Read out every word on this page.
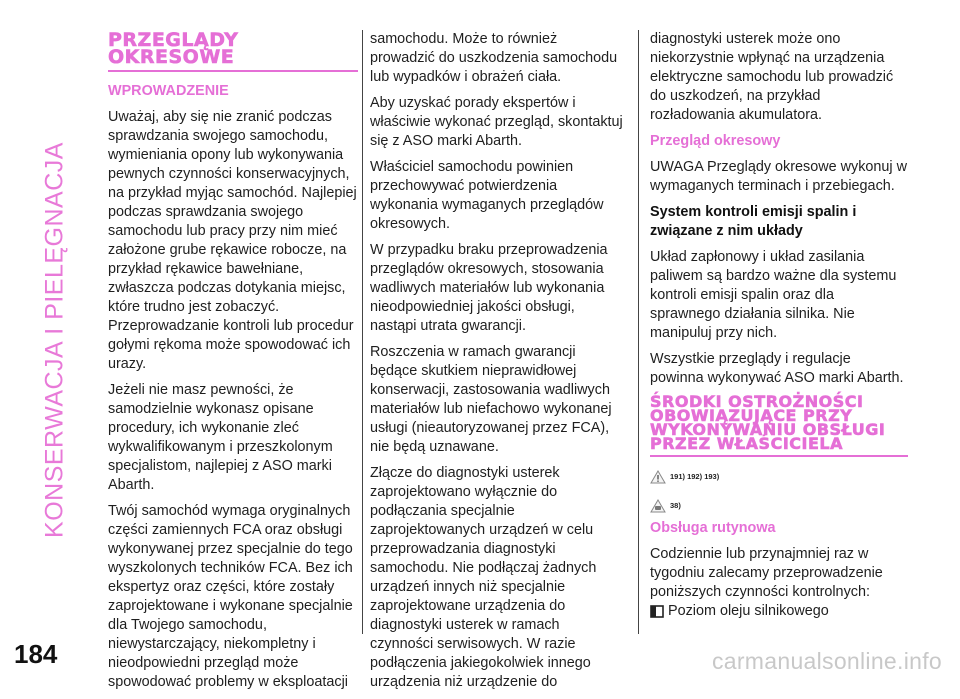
KONSERWACJA I PIELĘGNACJA
PRZEGLĄDY
OKRESOWE

WPROWADZENIE

Uważaj, aby się nie zranić podczas sprawdzania swojego samochodu, wymieniania opony lub wykonywania pewnych czynności konserwacyjnych, na przykład myjąc samochód. Najlepiej podczas sprawdzania swojego samochodu lub pracy przy nim mieć założone grube rękawice robocze, na przykład rękawice bawełniane, zwłaszcza podczas dotykania miejsc, które trudno jest zobaczyć. Przeprowadzanie kontroli lub procedur gołymi rękoma może spowodować ich urazy.

Jeżeli nie masz pewności, że samodzielnie wykonasz opisane procedury, ich wykonanie zleć wykwalifikowanym i przeszkolonym specjalistom, najlepiej z ASO marki Abarth.

Twój samochód wymaga oryginalnych części zamiennych FCA oraz obsługi wykonywanej przez specjalnie do tego wyszkolonych techników FCA. Bez ich ekspertyz oraz części, które zostały zaprojektowane i wykonane specjalnie dla Twojego samochodu, niewystarczający, niekompletny i nieodpowiedni przegląd może spowodować problemy w eksploatacji

samochodu. Może to również prowadzić do uszkodzenia samochodu lub wypadków i obrażeń ciała.

Aby uzyskać porady ekspertów i właściwie wykonać przegląd, skontaktuj się z ASO marki Abarth.

Właściciel samochodu powinien przechowywać potwierdzenia wykonania wymaganych przeglądów okresowych.

W przypadku braku przeprowadzenia przeglądów okresowych, stosowania wadliwych materiałów lub wykonania nieodpowiedniej jakości obsługi, nastąpi utrata gwarancji.

Roszczenia w ramach gwarancji będące skutkiem nieprawidłowej konserwacji, zastosowania wadliwych materiałów lub niefachowo wykonanej usługi (nieautoryzowanej przez FCA), nie będą uznawane.

Złącze do diagnostyki usterek zaprojektowano wyłącznie do podłączania specjalnie zaprojektowanych urządzeń w celu przeprowadzania diagnostyki samochodu. Nie podłączaj żadnych urządzeń innych niż specjalnie zaprojektowane urządzenia do diagnostyki usterek w ramach czynności serwisowych. W razie podłączenia jakiegokolwiek innego urządzenia niż urządzenie do

diagnostyki usterek może ono niekorzystnie wpłynąć na urządzenia elektryczne samochodu lub prowadzić do uszkodzeń, na przykład rozładowania akumulatora.

Przegląd okresowy

UWAGA Przeglądy okresowe wykonuj w wymaganych terminach i przebiegach.

System kontroli emisji spalin i związane z nim układy

Układ zapłonowy i układ zasilania paliwem są bardzo ważne dla systemu kontroli emisji spalin oraz dla sprawnego działania silnika. Nie manipuluj przy nich.

Wszystkie przeglądy i regulacje powinna wykonywać ASO marki Abarth.

ŚRODKI OSTROŻNOŚCI
OBOWIĄZUJĄCE PRZY
WYKONYWANIU OBSŁUGI
PRZEZ WŁAŚCICIELA
191) 192) 193)
38)

Obsługa rutynowa

Codziennie lub przynajmniej raz w tygodniu zalecamy przeprowadzenie poniższych czynności kontrolnych:

Poziom oleju silnikowego
184	carmanualsonline.info
